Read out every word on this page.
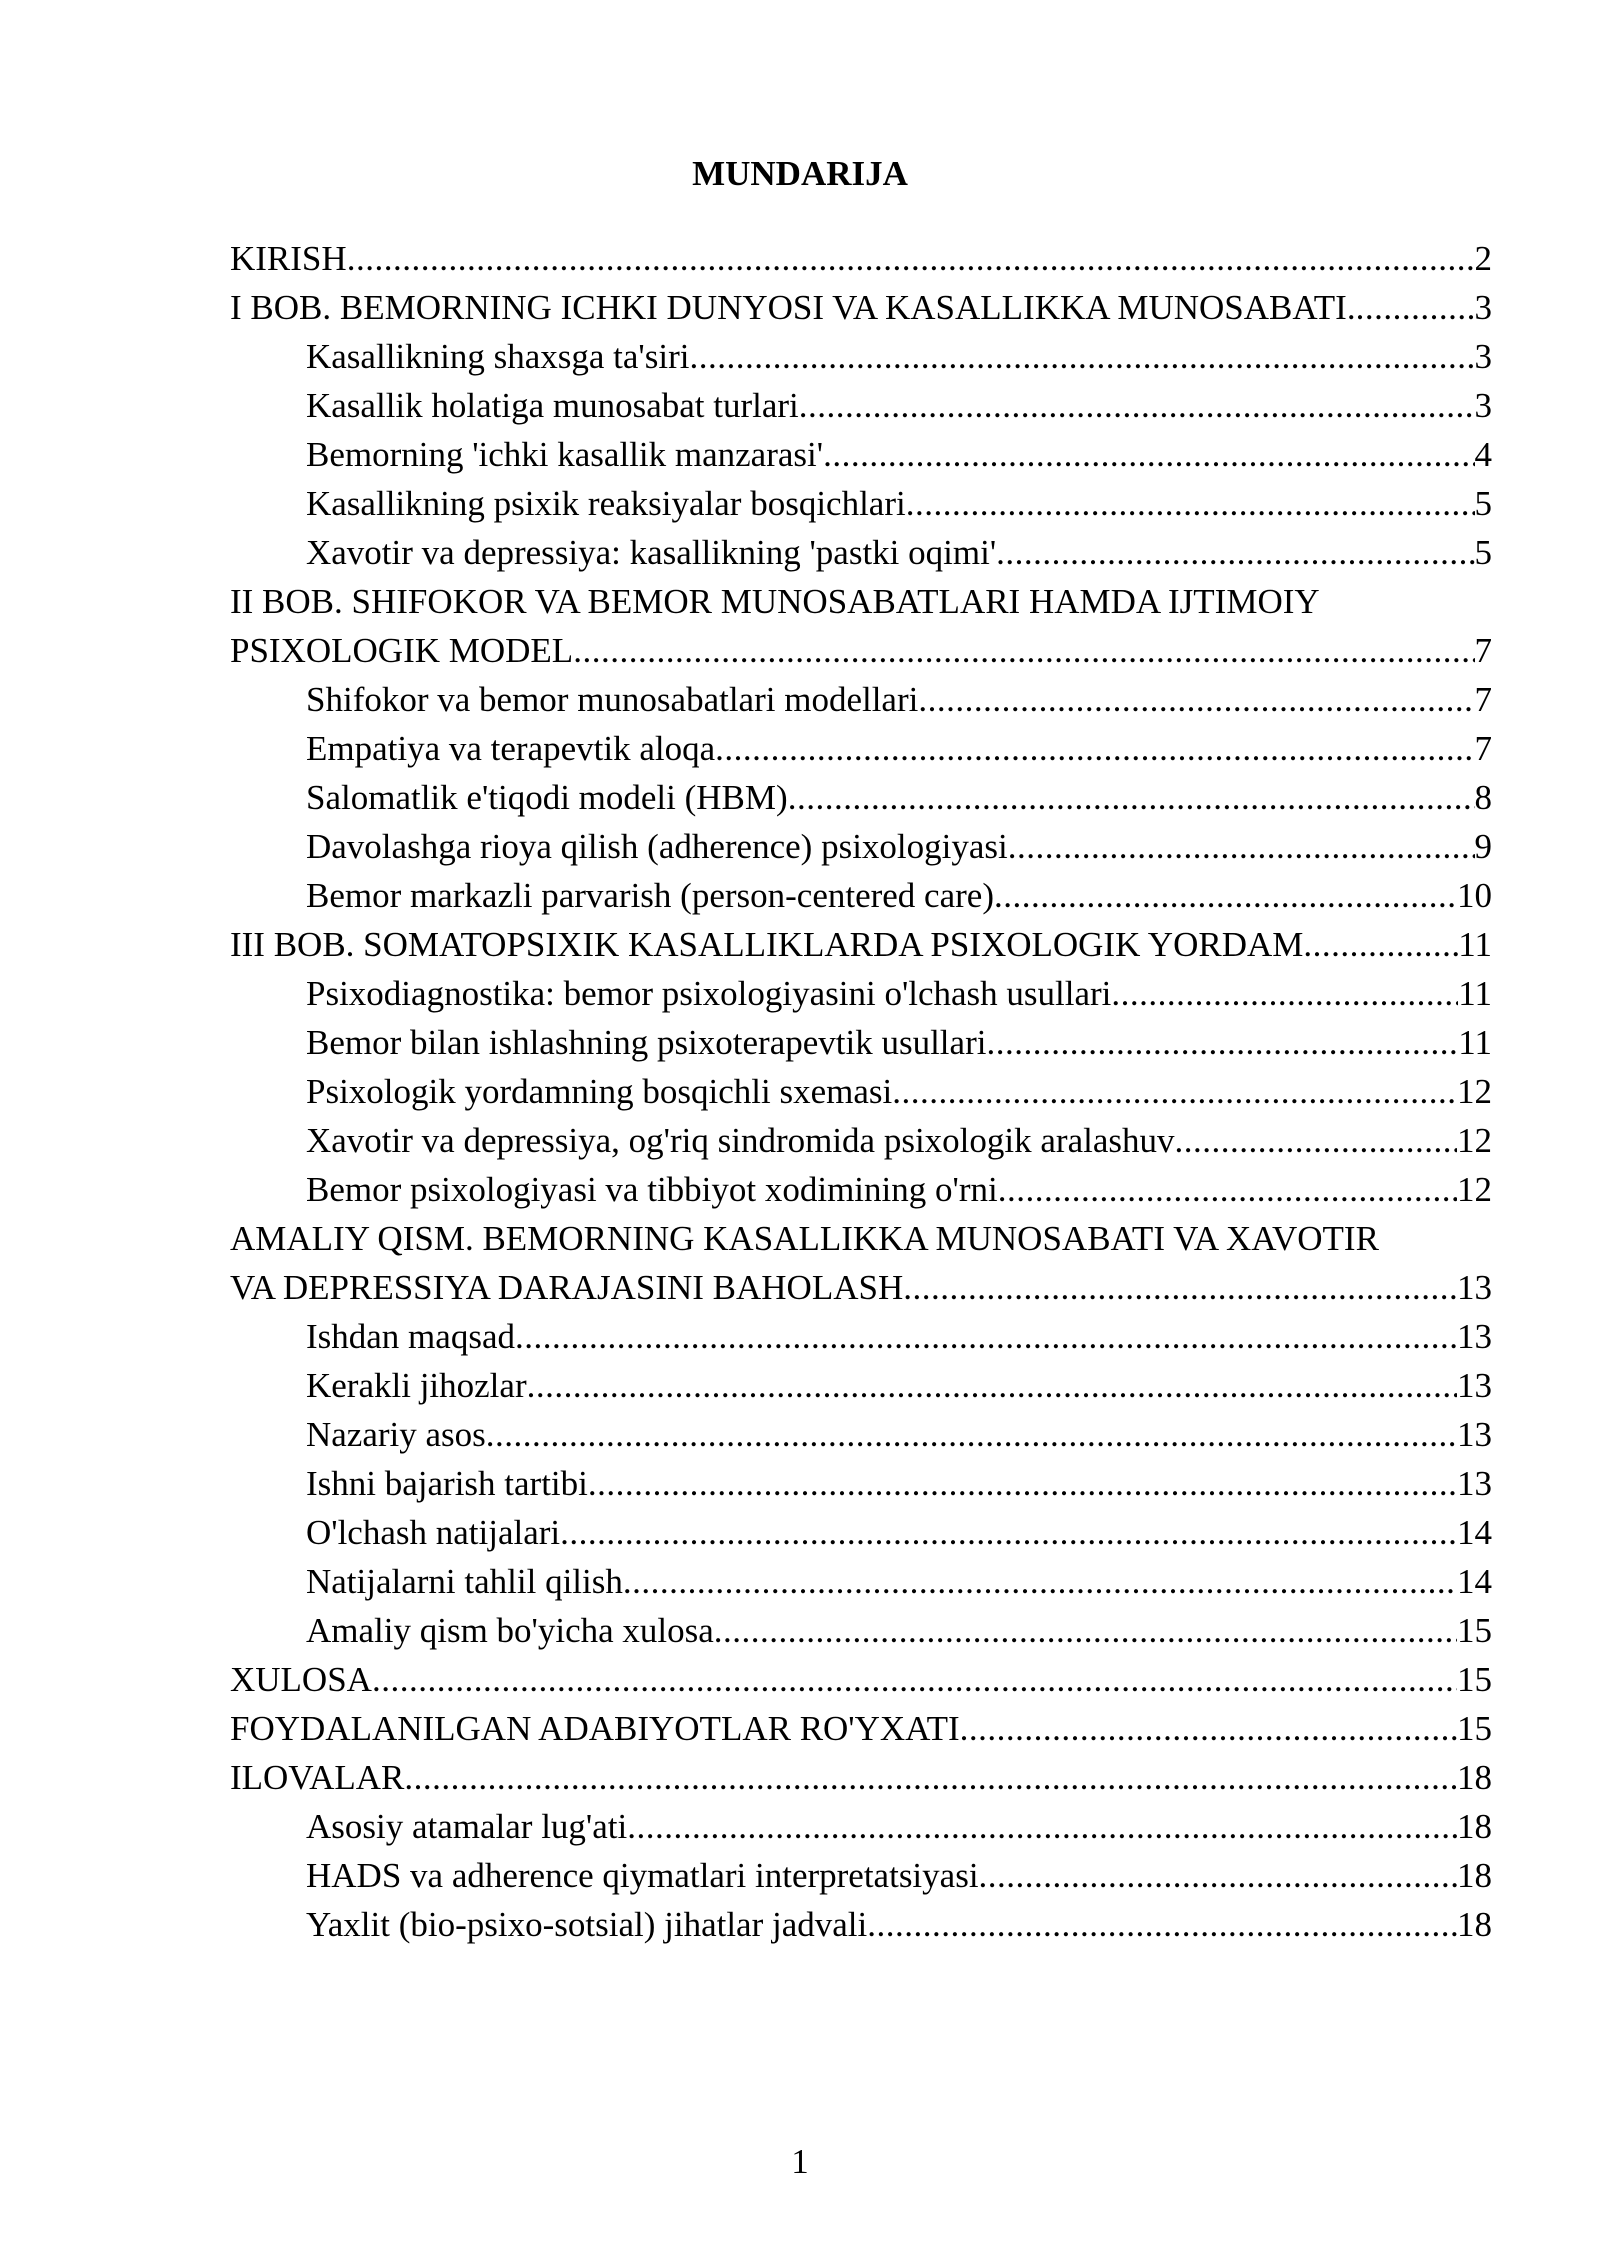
MUNDARIJA
KIRISH .....	2
I BOB. BEMORNING ICHKI DUNYOSI VA KASALLIKKA MUNOSABATI. .....	3
Kasallikning shaxsga ta'siri .....	3
Kasallik holatiga munosabat turlari .....	3
Bemorning 'ichki kasallik manzarasi' .....	4
Kasallikning psixik reaksiyalar bosqichlari .....	5
Xavotir va depressiya: kasallikning 'pastki oqimi' .....	5
II BOB. SHIFOKOR VA BEMOR MUNOSABATLARI HAMDA IJTIMOIY
PSIXOLOGIK MODEL .....	7
Shifokor va bemor munosabatlari modellari .....	7
Empatiya va terapevtik aloqa .....	7
Salomatlik e'tiqodi modeli (HBM) .....	8
Davolashga rioya qilish (adherence) psixologiyasi .....	9
Bemor markazli parvarish (person-centered care) .....	10
III BOB. SOMATOPSIXIK KASALLIKLARDA PSIXOLOGIK YORDAM .....	11
Psixodiagnostika: bemor psixologiyasini o'lchash usullari .....	11
Bemor bilan ishlashning psixoterapevtik usullari .....	11
Psixologik yordamning bosqichli sxemasi .....	12
Xavotir va depressiya, og'riq sindromida psixologik aralashuv .....	12
Bemor psixologiyasi va tibbiyot xodimining o'rni .....	12
AMALIY QISM. BEMORNING KASALLIKKA MUNOSABATI VA XAVOTIR
VA DEPRESSIYA DARAJASINI BAHOLASH .....	13
Ishdan maqsad .....	13
Kerakli jihozlar .....	13
Nazariy asos .....	13
Ishni bajarish tartibi .....	13
O'lchash natijalari .....	14
Natijalarni tahlil qilish .....	14
Amaliy qism bo'yicha xulosa .....	15
XULOSA .....	15
FOYDALANILGAN ADABIYOTLAR RO'YXATI .....	15
ILOVALAR .....	18
Asosiy atamalar lug'ati .....	18
HADS va adherence qiymatlari interpretatsiyasi .....	18
Yaxlit (bio-psixo-sotsial) jihatlar jadvali .....	18
1
